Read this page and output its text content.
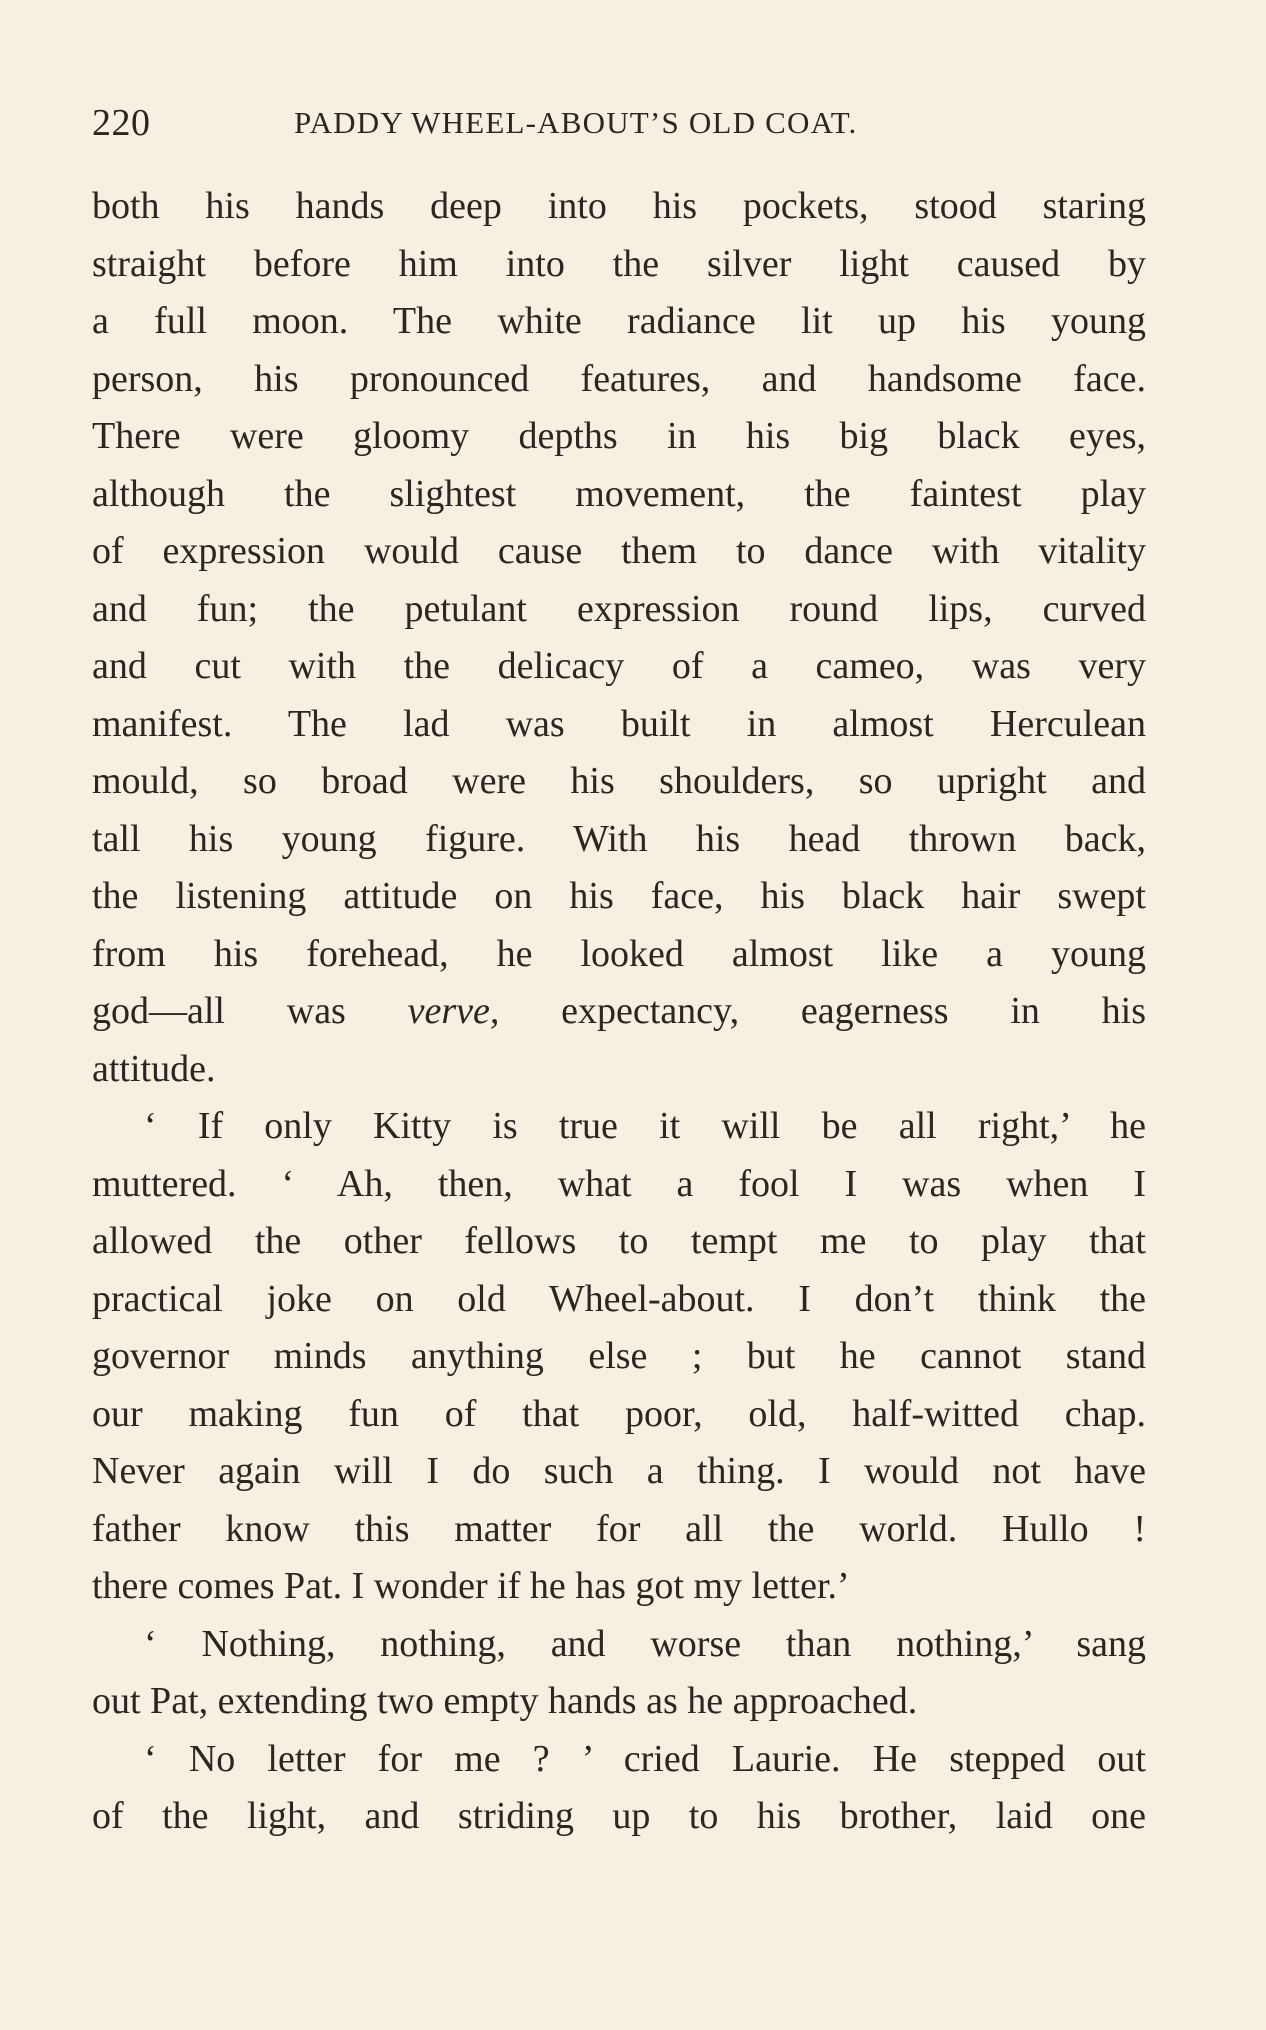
220	PADDY WHEEL-ABOUT’S OLD COAT.
both his hands deep into his pockets, stood staring
straight before him into the silver light caused by
a full moon. The white radiance lit up his young
person, his pronounced features, and handsome face.
There were gloomy depths in his big black eyes,
although the slightest movement, the faintest play
of expression would cause them to dance with vitality
and fun; the petulant expression round lips, curved
and cut with the delicacy of a cameo, was very
manifest. The lad was built in almost Herculean
mould, so broad were his shoulders, so upright and
tall his young figure. With his head thrown back,
the listening attitude on his face, his black hair swept
from his forehead, he looked almost like a young
god—all was verve, expectancy, eagerness in his
attitude.
‘ If only Kitty is true it will be all right,’ he
muttered. ‘ Ah, then, what a fool I was when I
allowed the other fellows to tempt me to play that
practical joke on old Wheel-about. I don’t think the
governor minds anything else ; but he cannot stand
our making fun of that poor, old, half-witted chap.
Never again will I do such a thing. I would not have
father know this matter for all the world. Hullo !
there comes Pat. I wonder if he has got my letter.’
‘ Nothing, nothing, and worse than nothing,’ sang
out Pat, extending two empty hands as he approached.
‘ No letter for me ? ’ cried Laurie. He stepped out
of the light, and striding up to his brother, laid one
